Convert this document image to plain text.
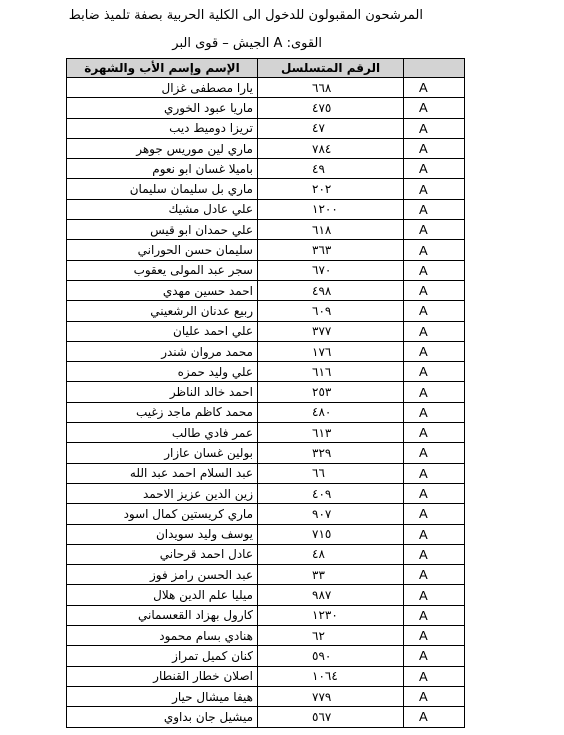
المرشحون المقبولون للدخول الى الكلية الحربية بصفة تلميذ ضابط
القوى: A الجيش – قوى البر
الإسم وإسم الأب والشهرة	الرقم المتسلسل	
يارا مصطفى غزال	٦٦٨	A
ماريا عبود الخوري	٤٧٥	A
تريزا دوميط ديب	٤٧	A
ماري لين موريس جوهر	٧٨٤	A
باميلا غسان ابو نعوم	٤٩	A
ماري بل سليمان سليمان	٢٠٢	A
علي عادل مشيك	١٢٠٠	A
علي حمدان ابو قيس	٦١٨	A
سليمان حسن الحوراني	٣٦٣	A
سجر عبد المولى يعقوب	٦٧٠	A
احمد حسين مهدي	٤٩٨	A
ربيع عدنان الرشعيني	٦٠٩	A
علي احمد عليان	٣٧٧	A
محمد مروان شندر	١٧٦	A
علي وليد حمزه	٦١٦	A
احمد خالد الناظر	٢٥٣	A
محمد كاظم ماجد زغيب	٤٨٠	A
عمر فادي طالب	٦١٣	A
بولين غسان عازار	٣٢٩	A
عبد السلام احمد عبد الله	٦٦	A
زين الدين عزيز الاحمد	٤٠٩	A
ماري كريستين كمال اسود	٩٠٧	A
يوسف وليد سويدان	٧١٥	A
عادل احمد قرحاني	٤٨	A
عبد الحسن رامز فوز	٣٣	A
ميليا علم الدين هلال	٩٨٧	A
كارول بهزاد القعسماني	١٢٣٠	A
هنادي بسام محمود	٦٢	A
كنان كميل تمراز	٥٩٠	A
اصلان خطار القنطار	١٠٦٤	A
هيفا ميشال حيار	٧٧٩	A
ميشيل جان بداوي	٥٦٧	A
